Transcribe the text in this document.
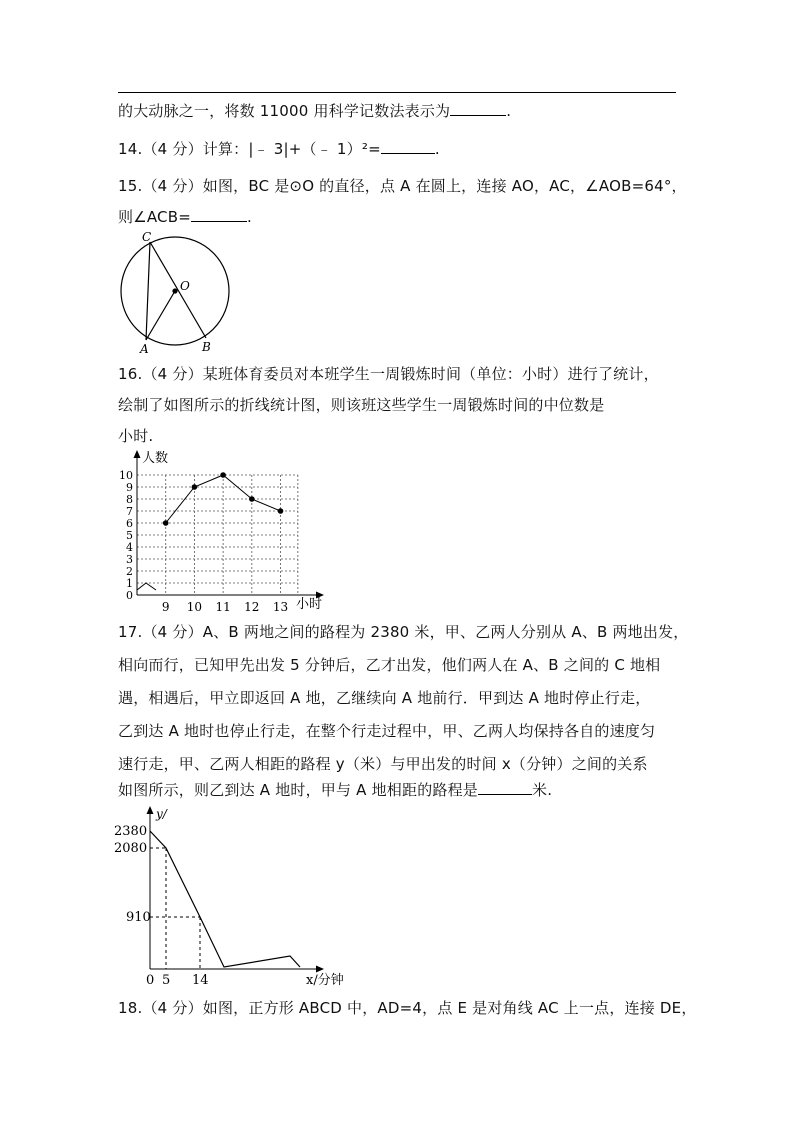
的大动脉之一，将数 11000 用科学记数法表示为	.
14.（4 分）计算：|﹣ 3|+（﹣ 1）²=	.
15.（4 分）如图，BC 是⊙O 的直径，点 A 在圆上，连接 AO，AC，∠AOB=64°，
则∠ACB=	.
C
O
A	B
16.（4 分）某班体育委员对本班学生一周锻炼时间（单位：小时）进行了统计，
绘制了如图所示的折线统计图，则该班这些学生一周锻炼时间的中位数是
小时.
人数
小时
10
9
8
7
6
5
4
3
2
1
0
9 10 11 12 13
17.（4 分）A、B 两地之间的路程为 2380 米，甲、乙两人分别从 A、B 两地出发，
相向而行，已知甲先出发 5 分钟后，乙才出发，他们两人在 A、B 之间的 C 地相
遇，相遇后，甲立即返回 A 地，乙继续向 A 地前行．甲到达 A 地时停止行走，
乙到达 A 地时也停止行走，在整个行走过程中，甲、乙两人均保持各自的速度匀
速行走，甲、乙两人相距的路程 y（米）与甲出发的时间 x（分钟）之间的关系
如图所示，则乙到达 A 地时，甲与 A 地相距的路程是	米.
y/
2380
2080
910
0 5 14	x/分钟
18.（4 分）如图，正方形 ABCD 中，AD=4，点 E 是对角线 AC 上一点，连接 DE，
